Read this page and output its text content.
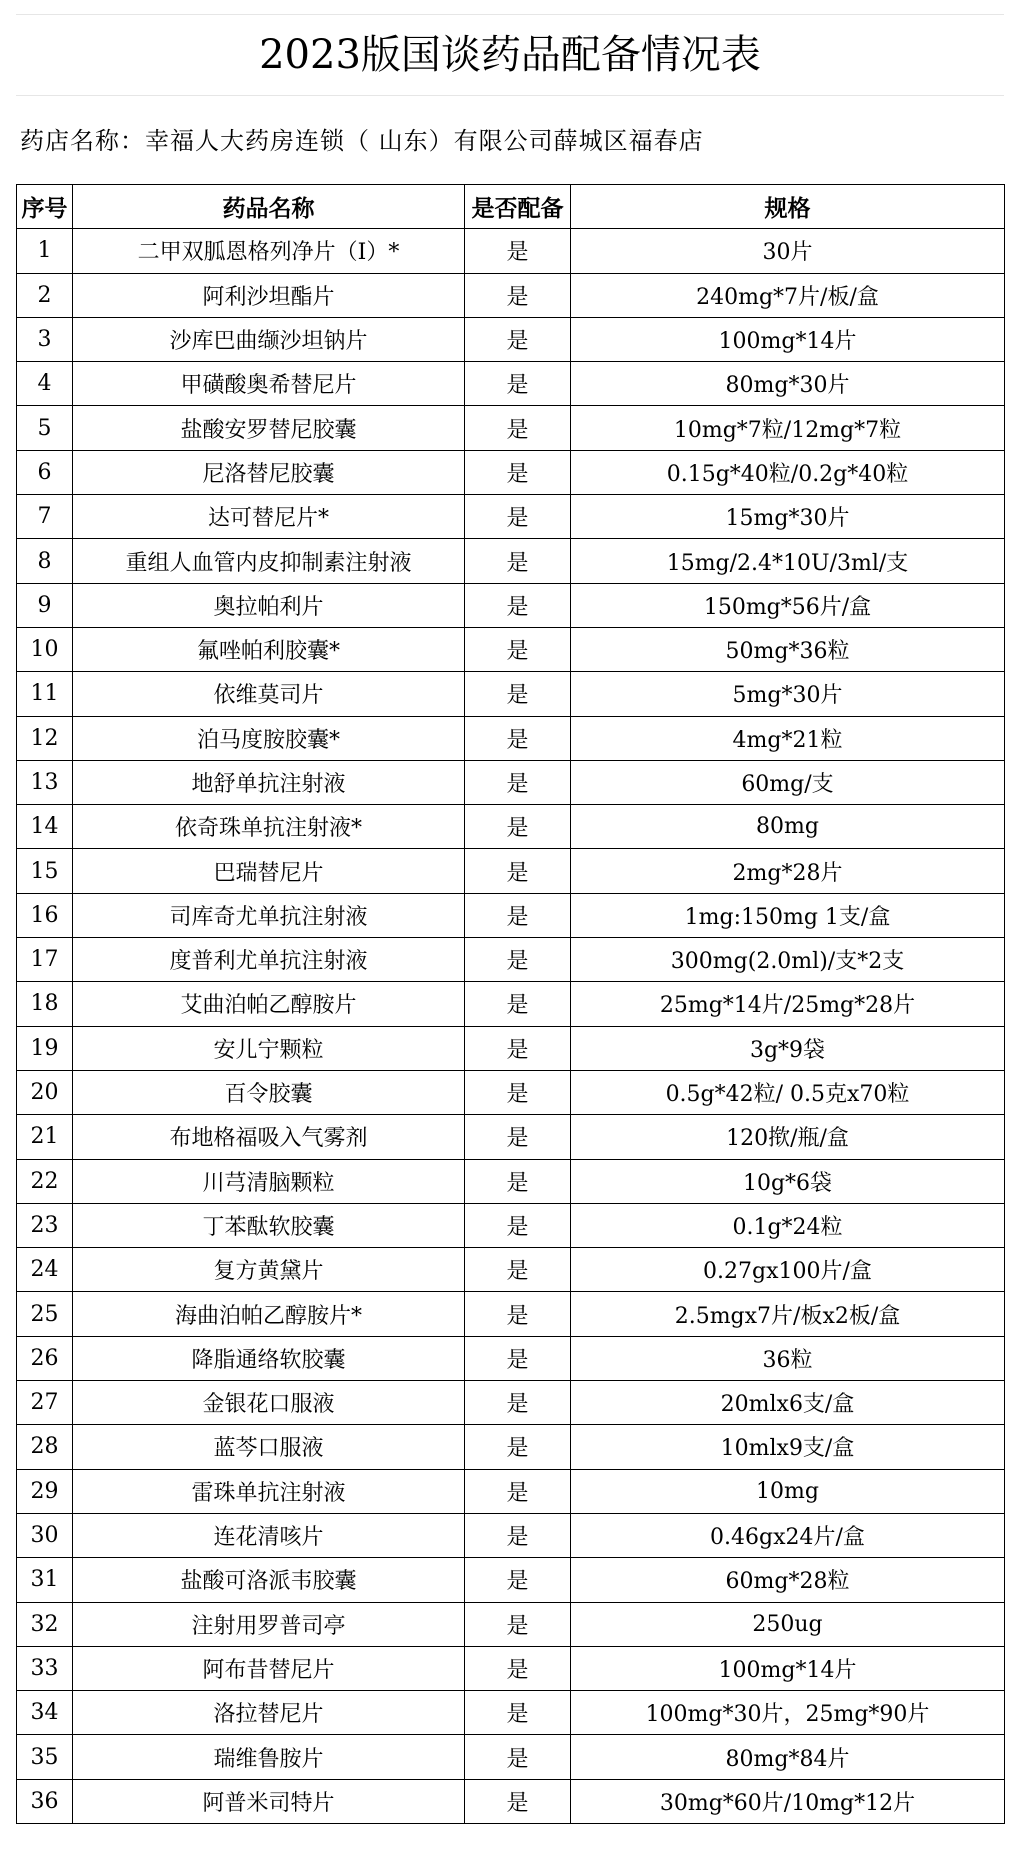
2023版国谈药品配备情况表
药店名称：幸福人大药房连锁（ 山东）有限公司薛城区福春店
序号	药品名称	是否配备	规格
1	二甲双胍恩格列净片（Ⅰ）*	是	30片
2	阿利沙坦酯片	是	240mg*7片/板/盒
3	沙库巴曲缬沙坦钠片	是	100mg*14片
4	甲磺酸奥希替尼片	是	80mg*30片
5	盐酸安罗替尼胶囊	是	10mg*7粒/12mg*7粒
6	尼洛替尼胶囊	是	0.15g*40粒/0.2g*40粒
7	达可替尼片*	是	15mg*30片
8	重组人血管内皮抑制素注射液	是	15mg/2.4*10U/3ml/支
9	奥拉帕利片	是	150mg*56片/盒
10	氟唑帕利胶囊*	是	50mg*36粒
11	依维莫司片	是	5mg*30片
12	泊马度胺胶囊*	是	4mg*21粒
13	地舒单抗注射液	是	60mg/支
14	依奇珠单抗注射液*	是	80mg
15	巴瑞替尼片	是	2mg*28片
16	司库奇尤单抗注射液	是	1mg:150mg 1支/盒
17	度普利尤单抗注射液	是	300mg(2.0ml)/支*2支
18	艾曲泊帕乙醇胺片	是	25mg*14片/25mg*28片
19	安儿宁颗粒	是	3g*9袋
20	百令胶囊	是	0.5g*42粒/ 0.5克x70粒
21	布地格福吸入气雾剂	是	120揿/瓶/盒
22	川芎清脑颗粒	是	10g*6袋
23	丁苯酞软胶囊	是	0.1g*24粒
24	复方黄黛片	是	0.27gx100片/盒
25	海曲泊帕乙醇胺片*	是	2.5mgx7片/板x2板/盒
26	降脂通络软胶囊	是	36粒
27	金银花口服液	是	20mlx6支/盒
28	蓝芩口服液	是	10mlx9支/盒
29	雷珠单抗注射液	是	10mg
30	连花清咳片	是	0.46gx24片/盒
31	盐酸可洛派韦胶囊	是	60mg*28粒
32	注射用罗普司亭	是	250ug
33	阿布昔替尼片	是	100mg*14片
34	洛拉替尼片	是	100mg*30片，25mg*90片
35	瑞维鲁胺片	是	80mg*84片
36	阿普米司特片	是	30mg*60片/10mg*12片
